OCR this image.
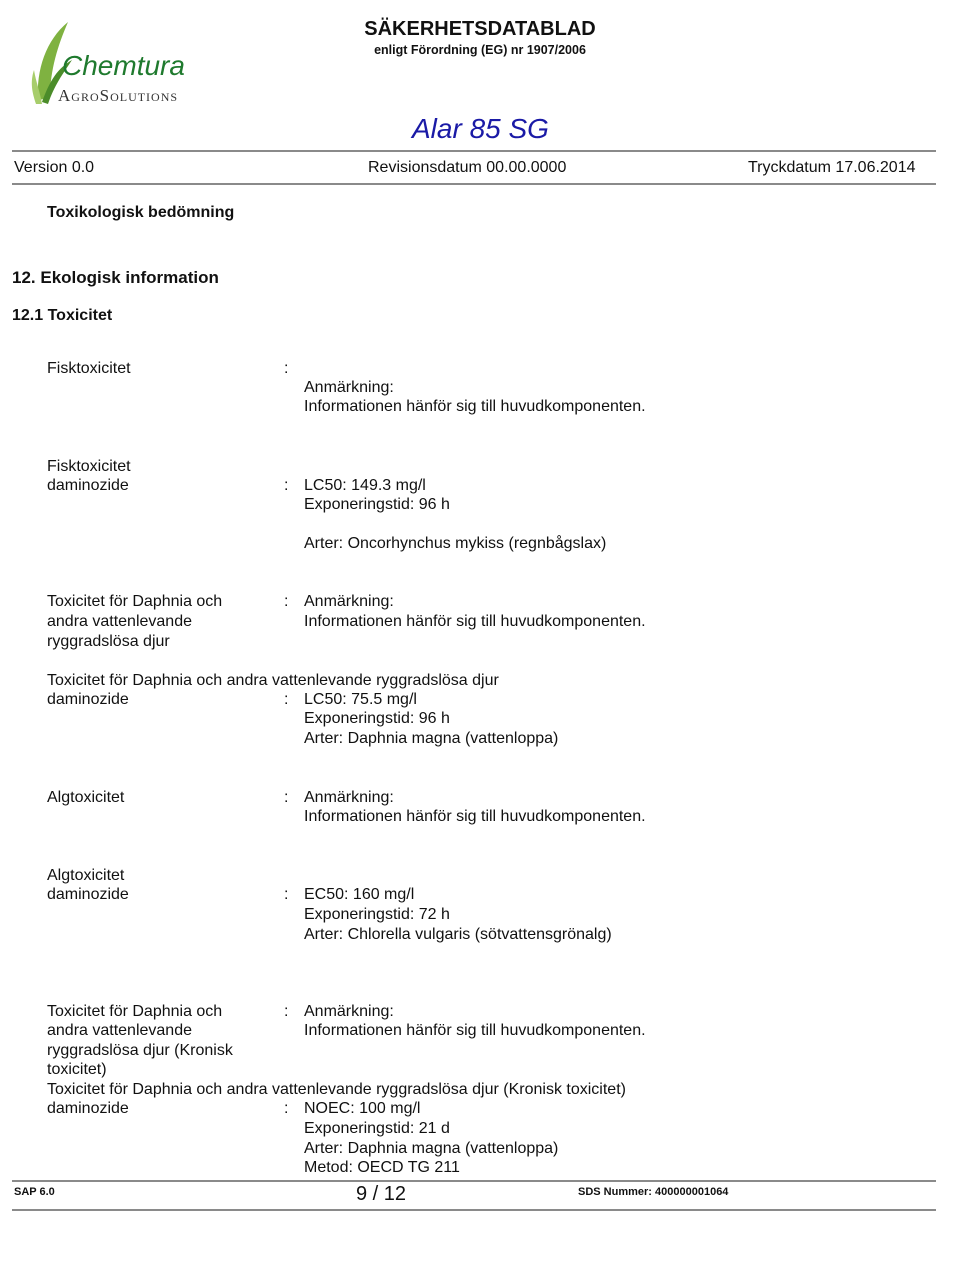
Chemtura
AgroSolutions
SÄKERHETSDATABLAD
enligt Förordning (EG) nr 1907/2006
Alar 85 SG
Version 0.0	Revisionsdatum 00.00.0000	Tryckdatum 17.06.2014
Toxikologisk bedömning
12. Ekologisk information
12.1 Toxicitet
Fisktoxicitet	:
Anmärkning:
Informationen hänför sig till huvudkomponenten.
Fisktoxicitet
daminozide	: LC50: 149.3 mg/l
Exponeringstid: 96 h
Arter: Oncorhynchus mykiss (regnbågslax)
Toxicitet för Daphnia och
andra vattenlevande
ryggradslösa djur
: Anmärkning:
Informationen hänför sig till huvudkomponenten.
Toxicitet för Daphnia och andra vattenlevande ryggradslösa djur
daminozide	: LC50: 75.5 mg/l
Exponeringstid: 96 h
Arter: Daphnia magna (vattenloppa)
Algtoxicitet	: Anmärkning:
Informationen hänför sig till huvudkomponenten.
Algtoxicitet
daminozide	: EC50: 160 mg/l
Exponeringstid: 72 h
Arter: Chlorella vulgaris (sötvattensgrönalg)
Toxicitet för Daphnia och
andra vattenlevande
ryggradslösa djur (Kronisk
toxicitet)
: Anmärkning:
Informationen hänför sig till huvudkomponenten.
Toxicitet för Daphnia och andra vattenlevande ryggradslösa djur (Kronisk toxicitet)
daminozide	: NOEC: 100 mg/l
Exponeringstid: 21 d
Arter: Daphnia magna (vattenloppa)
Metod: OECD TG 211
SAP 6.0	9 / 12	SDS Nummer: 400000001064
